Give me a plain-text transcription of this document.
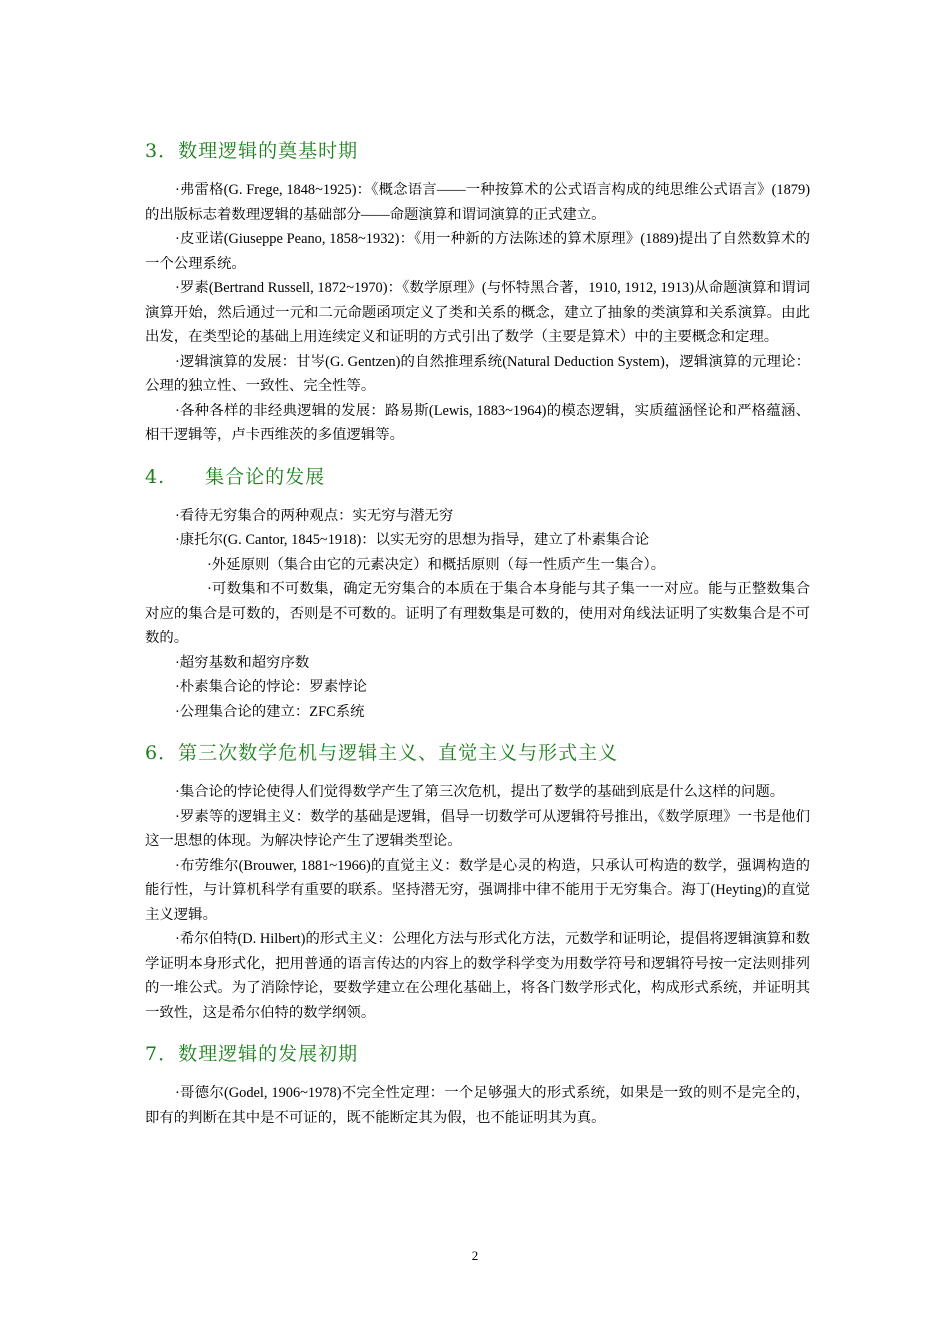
3．数理逻辑的奠基时期

·弗雷格(G. Frege, 1848~1925)：《概念语言——一种按算术的公式语言构成的纯思维公式语言》(1879)的出版标志着数理逻辑的基础部分——命题演算和谓词演算的正式建立。

·皮亚诺(Giuseppe Peano, 1858~1932)：《用一种新的方法陈述的算术原理》(1889)提出了自然数算术的一个公理系统。

·罗素(Bertrand Russell, 1872~1970)：《数学原理》(与怀特黑合著，1910, 1912, 1913)从命题演算和谓词演算开始，然后通过一元和二元命题函项定义了类和关系的概念，建立了抽象的类演算和关系演算。由此出发，在类型论的基础上用连续定义和证明的方式引出了数学（主要是算术）中的主要概念和定理。

·逻辑演算的发展：甘岑(G. Gentzen)的自然推理系统(Natural Deduction System)，逻辑演算的元理论：公理的独立性、一致性、完全性等。

·各种各样的非经典逻辑的发展：路易斯(Lewis, 1883~1964)的模态逻辑，实质蕴涵怪论和严格蕴涵、相干逻辑等，卢卡西维茨的多值逻辑等。

4.　　集合论的发展

·看待无穷集合的两种观点：实无穷与潜无穷

·康托尔(G. Cantor, 1845~1918)：以实无穷的思想为指导，建立了朴素集合论

·外延原则（集合由它的元素决定）和概括原则（每一性质产生一集合）。

·可数集和不可数集，确定无穷集合的本质在于集合本身能与其子集一一对应。能与正整数集合对应的集合是可数的，否则是不可数的。证明了有理数集是可数的，使用对角线法证明了实数集合是不可数的。

·超穷基数和超穷序数

·朴素集合论的悖论：罗素悖论

·公理集合论的建立：ZFC系统

6．第三次数学危机与逻辑主义、直觉主义与形式主义

·集合论的悖论使得人们觉得数学产生了第三次危机，提出了数学的基础到底是什么这样的问题。

·罗素等的逻辑主义：数学的基础是逻辑，倡导一切数学可从逻辑符号推出，《数学原理》一书是他们这一思想的体现。为解决悖论产生了逻辑类型论。

·布劳维尔(Brouwer, 1881~1966)的直觉主义：数学是心灵的构造，只承认可构造的数学，强调构造的能行性，与计算机科学有重要的联系。坚持潜无穷，强调排中律不能用于无穷集合。海丁(Heyting)的直觉主义逻辑。

·希尔伯特(D. Hilbert)的形式主义：公理化方法与形式化方法，元数学和证明论，提倡将逻辑演算和数学证明本身形式化，把用普通的语言传达的内容上的数学科学变为用数学符号和逻辑符号按一定法则排列的一堆公式。为了消除悖论，要数学建立在公理化基础上，将各门数学形式化，构成形式系统，并证明其一致性，这是希尔伯特的数学纲领。

7．数理逻辑的发展初期

·哥德尔(Godel, 1906~1978)不完全性定理：一个足够强大的形式系统，如果是一致的则不是完全的，即有的判断在其中是不可证的，既不能断定其为假，也不能证明其为真。

2
